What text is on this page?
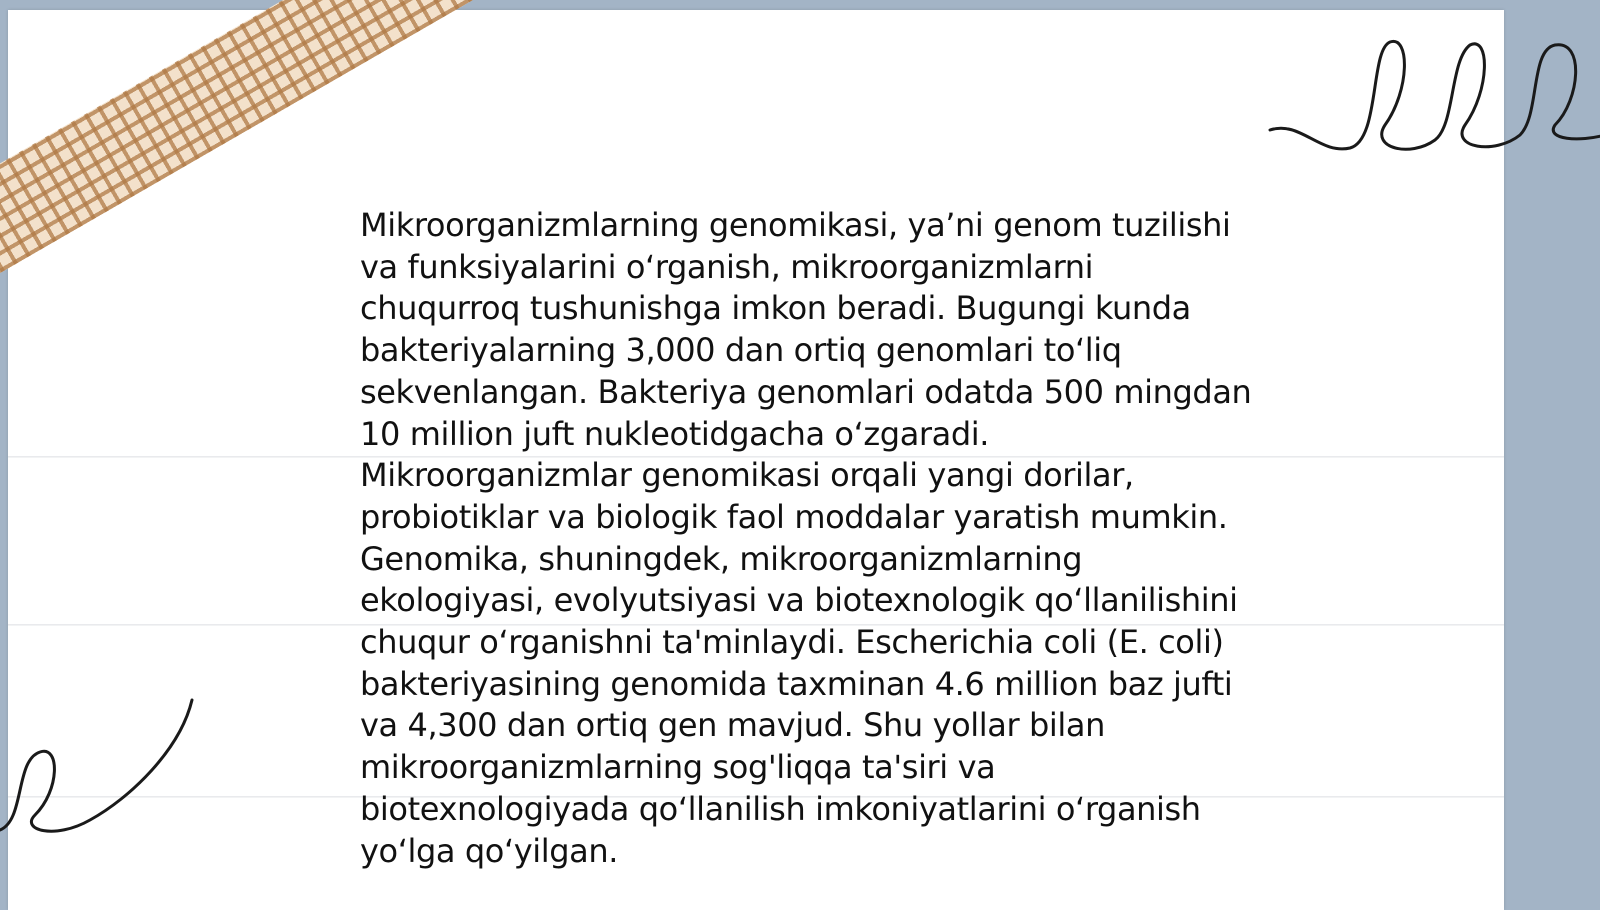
Mikroorganizmlarning genomikasi, ya’ni genom tuzilishi va funksiyalarini oʻrganish, mikroorganizmlarni chuqurroq tushunishga imkon beradi. Bugungi kunda bakteriyalarning 3,000 dan ortiq genomlari toʻliq sekvenlangan. Bakteriya genomlari odatda 500 mingdan 10 million juft nukleotidgacha oʻzgaradi. Mikroorganizmlar genomikasi orqali yangi dorilar, probiotiklar va biologik faol moddalar yaratish mumkin. Genomika, shuningdek, mikroorganizmlarning ekologiyasi, evolyutsiyasi va biotexnologik qoʻllanilishini chuqur oʻrganishni ta'minlaydi. Escherichia coli (E. coli) bakteriyasining genomida taxminan 4.6 million baz jufti va 4,300 dan ortiq gen mavjud. Shu yollar bilan mikroorganizmlarning sog'liqqa ta'siri va biotexnologiyada qoʻllanilish imkoniyatlarini oʻrganish yoʻlga qoʻyilgan.
